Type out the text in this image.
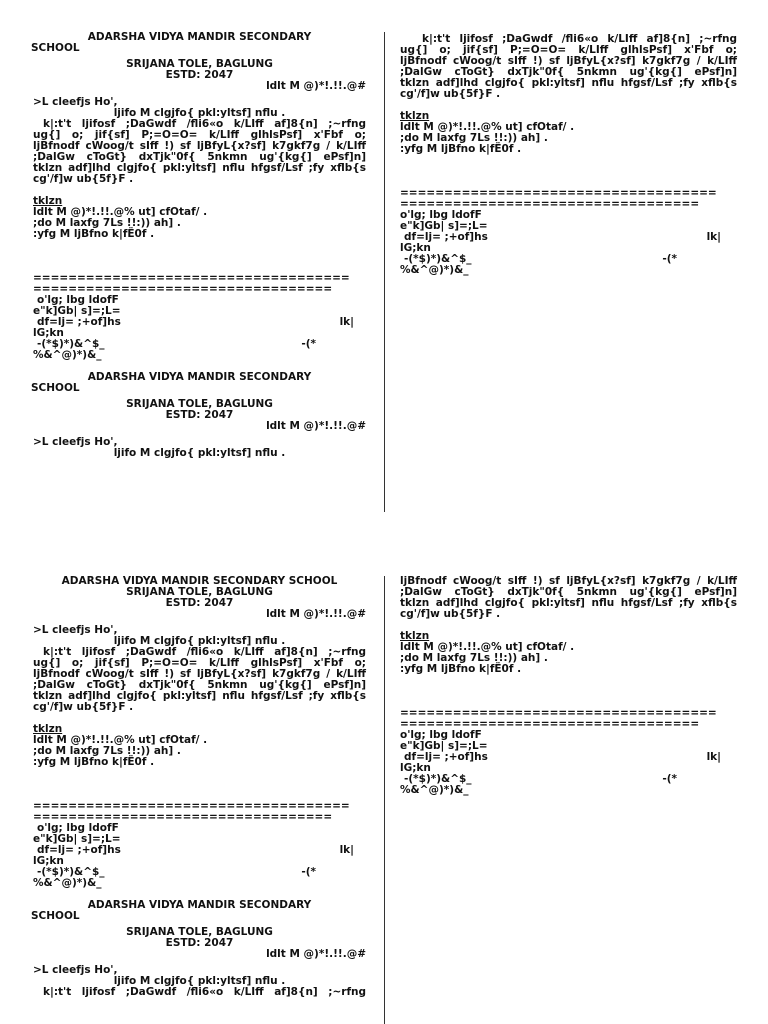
ADARSHA VIDYA MANDIR SECONDARY
SCHOOL
SRIJANA TOLE, BAGLUNG
ESTD: 2047
ldlt M @)*!.!!.@#
>L cleefjs Ho',
ljifo M clgjfo{ pkl:yltsf] nflu .
k|:t't ljifosf ;DaGwdf /fli6«o k/LIff af]8{n] ;~rfng
ug{] o; jif{sf] P;=O=O= k/LIff glhlsPsf] x'Fbf o;
ljBfnodf cWoog/t sIff !) sf ljBfyL{x?sf] k7gkf7g / k/LIff
;DalGw cToGt} dxTjk"0f{ 5nkmn ug'{kg{] ePsf]n]
tklzn adf]lhd clgjfo{ pkl:yltsf] nflu hfgsf/Lsf ;fy xflb{s
cg'/f]w ub{5f}F .
tklzn
ldlt M @)*!.!!.@% ut] cfOtaf/ .
;do M laxfg 7Ls !!:)) ah] .
:yfg M ljBfno k|fË0f .
====================================
==================================
o'lg; lbg ldofF
e"k]Gb| s]=;L=
df=lj= ;+of]hs	lk|
lG;kn
-(*$)*)&^$_	-(*
%&^@)*)&_
ADARSHA VIDYA MANDIR SECONDARY
SCHOOL
SRIJANA TOLE, BAGLUNG
ESTD: 2047
ldlt M @)*!.!!.@#
>L cleefjs Ho',
ljifo M clgjfo{ pkl:yltsf] nflu .
k|:t't ljifosf ;DaGwdf /fli6«o k/LIff af]8{n] ;~rfng
ug{] o; jif{sf] P;=O=O= k/LIff glhlsPsf] x'Fbf o;
ljBfnodf cWoog/t sIff !) sf ljBfyL{x?sf] k7gkf7g / k/LIff
;DalGw cToGt} dxTjk"0f{ 5nkmn ug'{kg{] ePsf]n]
tklzn adf]lhd clgjfo{ pkl:yltsf] nflu hfgsf/Lsf ;fy xflb{s
cg'/f]w ub{5f}F .
tklzn
ldlt M @)*!.!!.@% ut] cfOtaf/ .
;do M laxfg 7Ls !!:)) ah] .
:yfg M ljBfno k|fË0f .
====================================
==================================
o'lg; lbg ldofF
e"k]Gb| s]=;L=
df=lj= ;+of]hs	lk|
lG;kn
-(*$)*)&^$_	-(*
%&^@)*)&_
ADARSHA VIDYA MANDIR SECONDARY SCHOOL
SRIJANA TOLE, BAGLUNG
ESTD: 2047
ldlt M @)*!.!!.@#
>L cleefjs Ho',
ljifo M clgjfo{ pkl:yltsf] nflu .
k|:t't ljifosf ;DaGwdf /fli6«o k/LIff af]8{n] ;~rfng
ug{] o; jif{sf] P;=O=O= k/LIff glhlsPsf] x'Fbf o;
ljBfnodf cWoog/t sIff !) sf ljBfyL{x?sf] k7gkf7g / k/LIff
;DalGw cToGt} dxTjk"0f{ 5nkmn ug'{kg{] ePsf]n]
tklzn adf]lhd clgjfo{ pkl:yltsf] nflu hfgsf/Lsf ;fy xflb{s
cg'/f]w ub{5f}F .
tklzn
ldlt M @)*!.!!.@% ut] cfOtaf/ .
;do M laxfg 7Ls !!:)) ah] .
:yfg M ljBfno k|fË0f .
====================================
==================================
o'lg; lbg ldofF
e"k]Gb| s]=;L=
df=lj= ;+of]hs	lk|
lG;kn
-(*$)*)&^$_	-(*
%&^@)*)&_
ADARSHA VIDYA MANDIR SECONDARY
SCHOOL
SRIJANA TOLE, BAGLUNG
ESTD: 2047
ldlt M @)*!.!!.@#
>L cleefjs Ho',
ljifo M clgjfo{ pkl:yltsf] nflu .
k|:t't ljifosf ;DaGwdf /fli6«o k/LIff af]8{n] ;~rfng
ljBfnodf cWoog/t sIff !) sf ljBfyL{x?sf] k7gkf7g / k/LIff
;DalGw cToGt} dxTjk"0f{ 5nkmn ug'{kg{] ePsf]n]
tklzn adf]lhd clgjfo{ pkl:yltsf] nflu hfgsf/Lsf ;fy xflb{s
cg'/f]w ub{5f}F .
tklzn
ldlt M @)*!.!!.@% ut] cfOtaf/ .
;do M laxfg 7Ls !!:)) ah] .
:yfg M ljBfno k|fË0f .
====================================
==================================
o'lg; lbg ldofF
e"k]Gb| s]=;L=
df=lj= ;+of]hs	lk|
lG;kn
-(*$)*)&^$_	-(*
%&^@)*)&_
